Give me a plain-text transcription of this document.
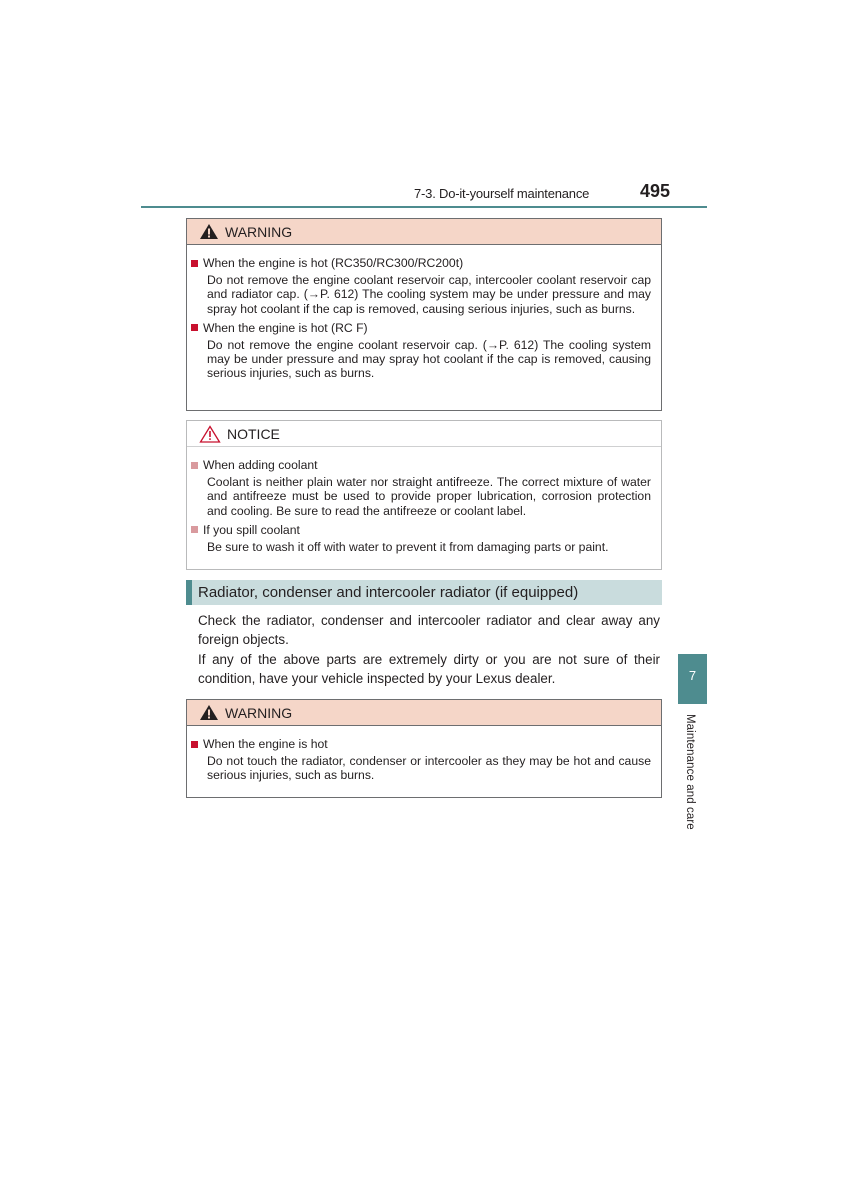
7-3. Do-it-yourself maintenance	495
WARNING
When the engine is hot (RC350/RC300/RC200t)
Do not remove the engine coolant reservoir cap, intercooler coolant reservoir cap and radiator cap. (→P. 612) The cooling system may be under pressure and may spray hot coolant if the cap is removed, causing serious injuries, such as burns.
When the engine is hot (RC F)
Do not remove the engine coolant reservoir cap. (→P. 612) The cooling system may be under pressure and may spray hot coolant if the cap is removed, causing serious injuries, such as burns.
NOTICE
When adding coolant
Coolant is neither plain water nor straight antifreeze. The correct mixture of water and antifreeze must be used to provide proper lubrication, corrosion protection and cooling. Be sure to read the antifreeze or coolant label.
If you spill coolant
Be sure to wash it off with water to prevent it from damaging parts or paint.
Radiator, condenser and intercooler radiator (if equipped)

Check the radiator, condenser and intercooler radiator and clear away any foreign objects.

If any of the above parts are extremely dirty or you are not sure of their condition, have your vehicle inspected by your Lexus dealer.

WARNING
When the engine is hot
Do not touch the radiator, condenser or intercooler as they may be hot and cause serious injuries, such as burns.
7
Maintenance and care
